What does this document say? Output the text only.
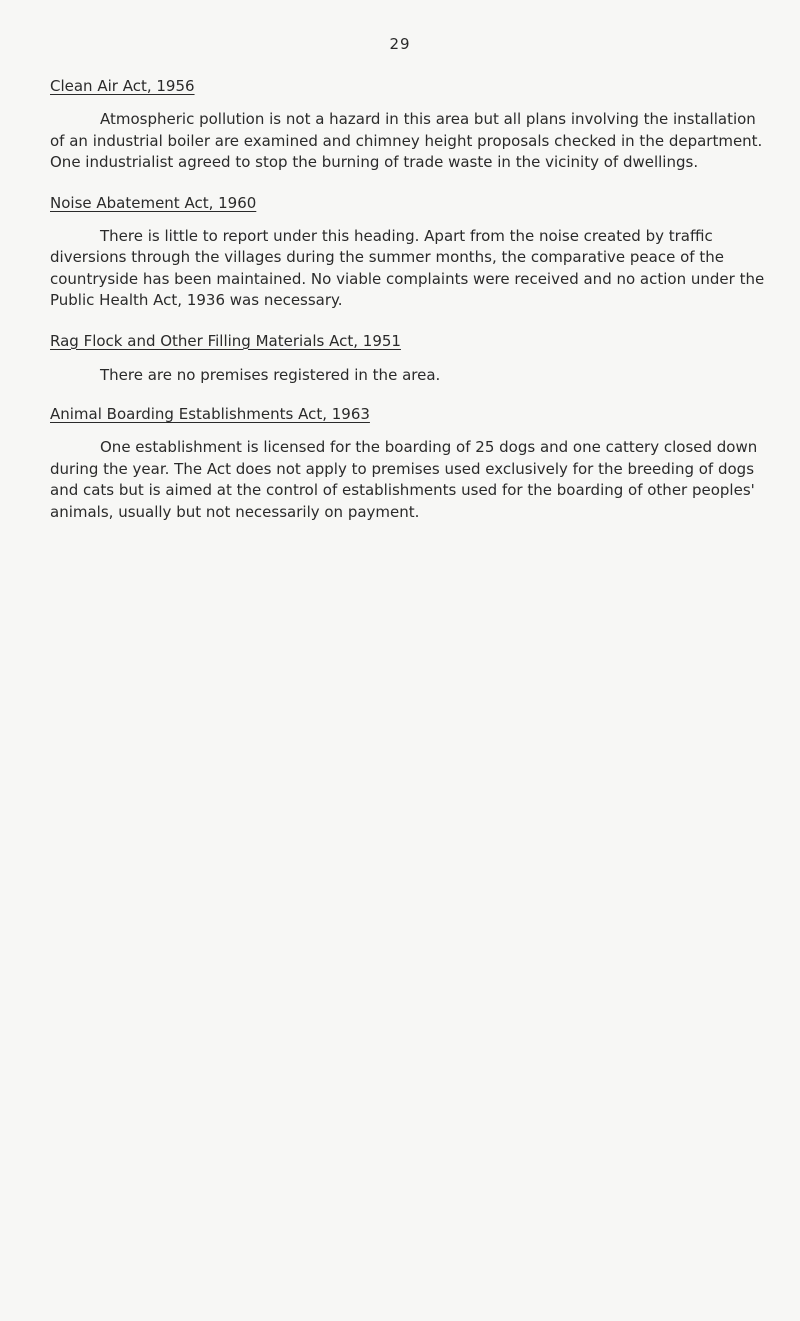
29
Clean Air Act, 1956

Atmospheric pollution is not a hazard in this area but all plans involving the installation of an industrial boiler are examined and chimney height proposals checked in the department. One industrialist agreed to stop the burning of trade waste in the vicinity of dwellings.

Noise Abatement Act, 1960

There is little to report under this heading. Apart from the noise created by traffic diversions through the villages during the summer months, the comparative peace of the countryside has been maintained. No viable complaints were received and no action under the Public Health Act, 1936 was necessary.

Rag Flock and Other Filling Materials Act, 1951

There are no premises registered in the area.

Animal Boarding Establishments Act, 1963

One establishment is licensed for the boarding of 25 dogs and one cattery closed down during the year. The Act does not apply to premises used exclusively for the breeding of dogs and cats but is aimed at the control of establishments used for the boarding of other peoples' animals, usually but not necessarily on payment.
